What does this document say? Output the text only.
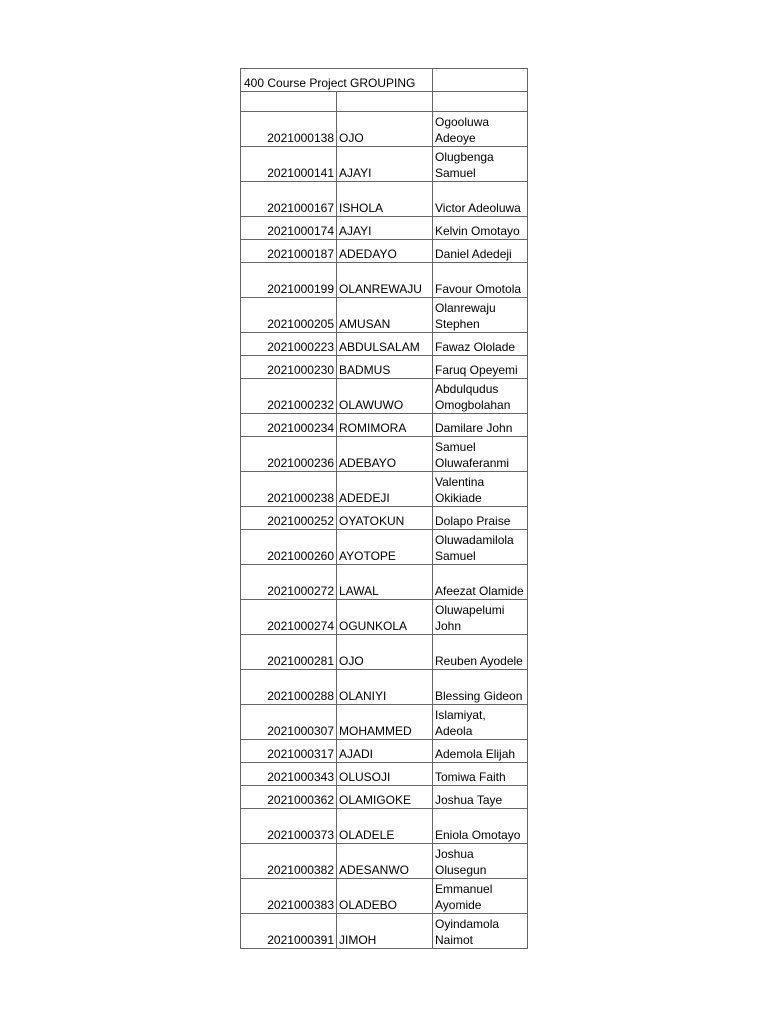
400 Course Project GROUPING		

2021000138	OJO	Ogooluwa Adeoye
2021000141	AJAYI	Olugbenga Samuel
2021000167	ISHOLA	Victor Adeoluwa
2021000174	AJAYI	Kelvin Omotayo
2021000187	ADEDAYO	Daniel Adedeji
2021000199	OLANREWAJU	Favour Omotola
2021000205	AMUSAN	Olanrewaju Stephen
2021000223	ABDULSALAM	Fawaz Ololade
2021000230	BADMUS	Faruq Opeyemi
2021000232	OLAWUWO	Abdulqudus Omogbolahan
2021000234	ROMIMORA	Damilare John
2021000236	ADEBAYO	Samuel Oluwaferanmi
2021000238	ADEDEJI	Valentina Okikiade
2021000252	OYATOKUN	Dolapo Praise
2021000260	AYOTOPE	Oluwadamilola Samuel
2021000272	LAWAL	Afeezat Olamide
2021000274	OGUNKOLA	Oluwapelumi John
2021000281	OJO	Reuben Ayodele
2021000288	OLANIYI	Blessing Gideon
2021000307	MOHAMMED	Islamiyat, Adeola
2021000317	AJADI	Ademola Elijah
2021000343	OLUSOJI	Tomiwa Faith
2021000362	OLAMIGOKE	Joshua Taye
2021000373	OLADELE	Eniola Omotayo
2021000382	ADESANWO	Joshua Olusegun
2021000383	OLADEBO	Emmanuel Ayomide
2021000391	JIMOH	Oyindamola Naimot
